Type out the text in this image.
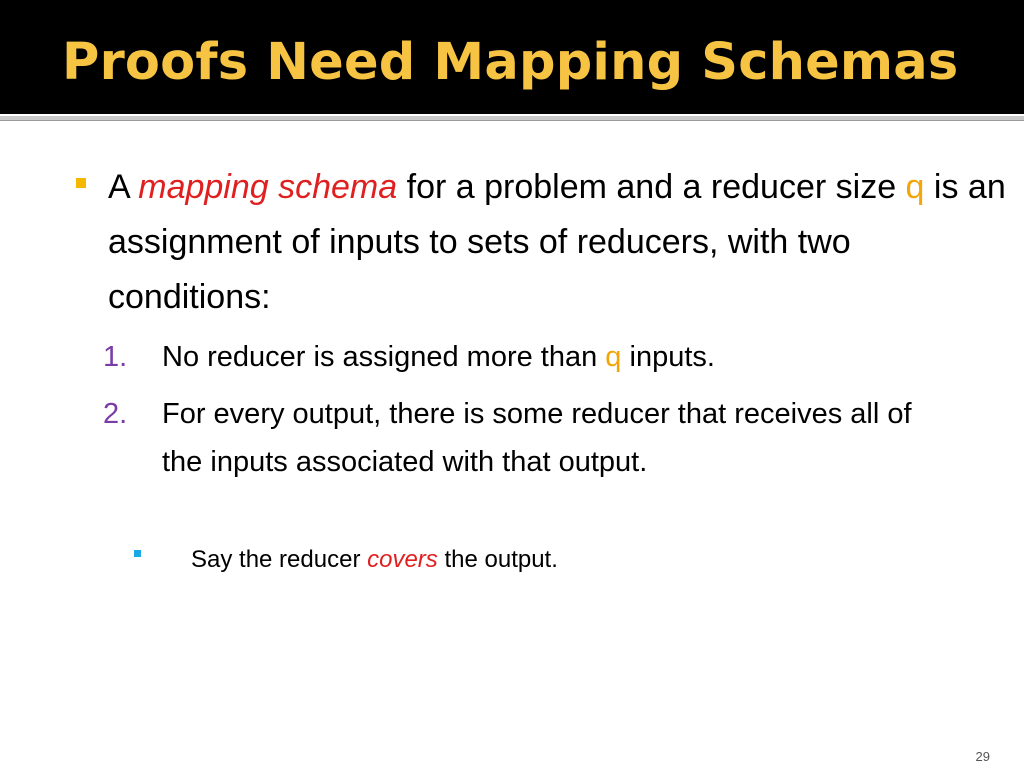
Proofs Need Mapping Schemas
A mapping schema for a problem and a reducer size q is an assignment of inputs to sets of reducers, with two conditions:
1. No reducer is assigned more than q inputs.
2. For every output, there is some reducer that receives all of the inputs associated with that output.
Say the reducer covers the output.
29
